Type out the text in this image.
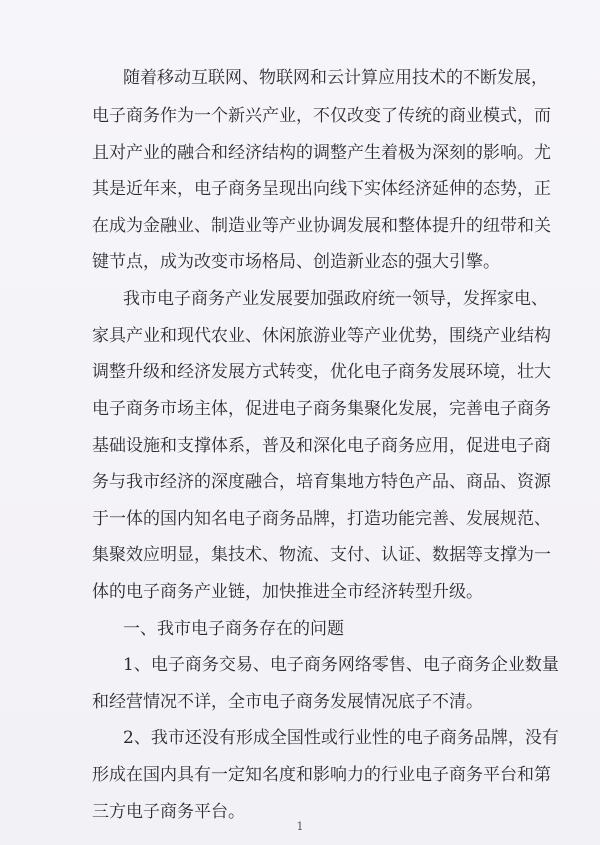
随着移动互联网、物联网和云计算应用技术的不断发展，
电子商务作为一个新兴产业，不仅改变了传统的商业模式，而
且对产业的融合和经济结构的调整产生着极为深刻的影响。尤
其是近年来，电子商务呈现出向线下实体经济延伸的态势，正
在成为金融业、制造业等产业协调发展和整体提升的纽带和关
键节点，成为改变市场格局、创造新业态的强大引擎。
我市电子商务产业发展要加强政府统一领导，发挥家电、
家具产业和现代农业、休闲旅游业等产业优势，围绕产业结构
调整升级和经济发展方式转变，优化电子商务发展环境，壮大
电子商务市场主体，促进电子商务集聚化发展，完善电子商务
基础设施和支撑体系，普及和深化电子商务应用，促进电子商
务与我市经济的深度融合，培育集地方特色产品、商品、资源
于一体的国内知名电子商务品牌，打造功能完善、发展规范、
集聚效应明显，集技术、物流、支付、认证、数据等支撑为一
体的电子商务产业链，加快推进全市经济转型升级。
一、我市电子商务存在的问题
1、电子商务交易、电子商务网络零售、电子商务企业数量
和经营情况不详，全市电子商务发展情况底子不清。
2、我市还没有形成全国性或行业性的电子商务品牌，没有
形成在国内具有一定知名度和影响力的行业电子商务平台和第
三方电子商务平台。
1
